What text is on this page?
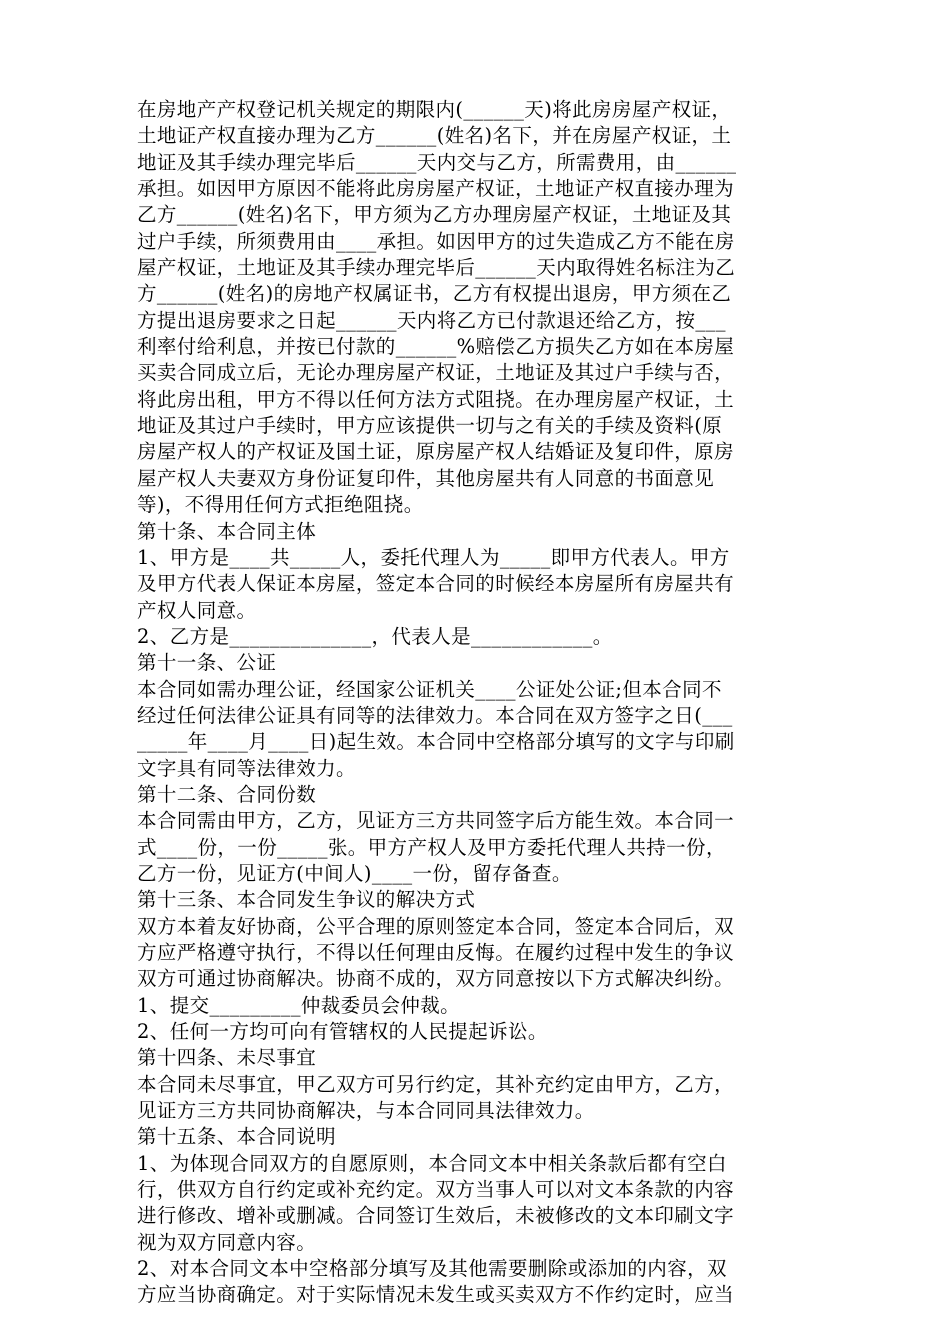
在房地产产权登记机关规定的期限内(______天)将此房房屋产权证，
土地证产权直接办理为乙方______(姓名)名下，并在房屋产权证，土
地证及其手续办理完毕后______天内交与乙方，所需费用，由______
承担。如因甲方原因不能将此房房屋产权证，土地证产权直接办理为
乙方______(姓名)名下，甲方须为乙方办理房屋产权证，土地证及其
过户手续，所须费用由____承担。如因甲方的过失造成乙方不能在房
屋产权证，土地证及其手续办理完毕后______天内取得姓名标注为乙
方______(姓名)的房地产权属证书，乙方有权提出退房，甲方须在乙
方提出退房要求之日起______天内将乙方已付款退还给乙方，按___
利率付给利息，并按已付款的______%赔偿乙方损失乙方如在本房屋
买卖合同成立后，无论办理房屋产权证，土地证及其过户手续与否，
将此房出租，甲方不得以任何方法方式阻挠。在办理房屋产权证，土
地证及其过户手续时，甲方应该提供一切与之有关的手续及资料(原
房屋产权人的产权证及国土证，原房屋产权人结婚证及复印件，原房
屋产权人夫妻双方身份证复印件，其他房屋共有人同意的书面意见
等)，不得用任何方式拒绝阻挠。
第十条、本合同主体
1、甲方是____共_____人，委托代理人为_____即甲方代表人。甲方
及甲方代表人保证本房屋，签定本合同的时候经本房屋所有房屋共有
产权人同意。
2、乙方是______________，代表人是____________。
第十一条、公证
本合同如需办理公证，经国家公证机关____公证处公证;但本合同不
经过任何法律公证具有同等的法律效力。本合同在双方签字之日(___
_____年____月____日)起生效。本合同中空格部分填写的文字与印刷
文字具有同等法律效力。
第十二条、合同份数
本合同需由甲方，乙方，见证方三方共同签字后方能生效。本合同一
式____份，一份_____张。甲方产权人及甲方委托代理人共持一份，
乙方一份，见证方(中间人)____一份，留存备查。
第十三条、本合同发生争议的解决方式
双方本着友好协商，公平合理的原则签定本合同，签定本合同后，双
方应严格遵守执行，不得以任何理由反悔。在履约过程中发生的争议
双方可通过协商解决。协商不成的，双方同意按以下方式解决纠纷。
1、提交_________仲裁委员会仲裁。
2、任何一方均可向有管辖权的人民提起诉讼。
第十四条、未尽事宜
本合同未尽事宜，甲乙双方可另行约定，其补充约定由甲方，乙方，
见证方三方共同协商解决，与本合同同具法律效力。
第十五条、本合同说明
1、为体现合同双方的自愿原则，本合同文本中相关条款后都有空白
行，供双方自行约定或补充约定。双方当事人可以对文本条款的内容
进行修改、增补或删减。合同签订生效后，未被修改的文本印刷文字
视为双方同意内容。
2、对本合同文本中空格部分填写及其他需要删除或添加的内容，双
方应当协商确定。对于实际情况未发生或买卖双方不作约定时，应当
